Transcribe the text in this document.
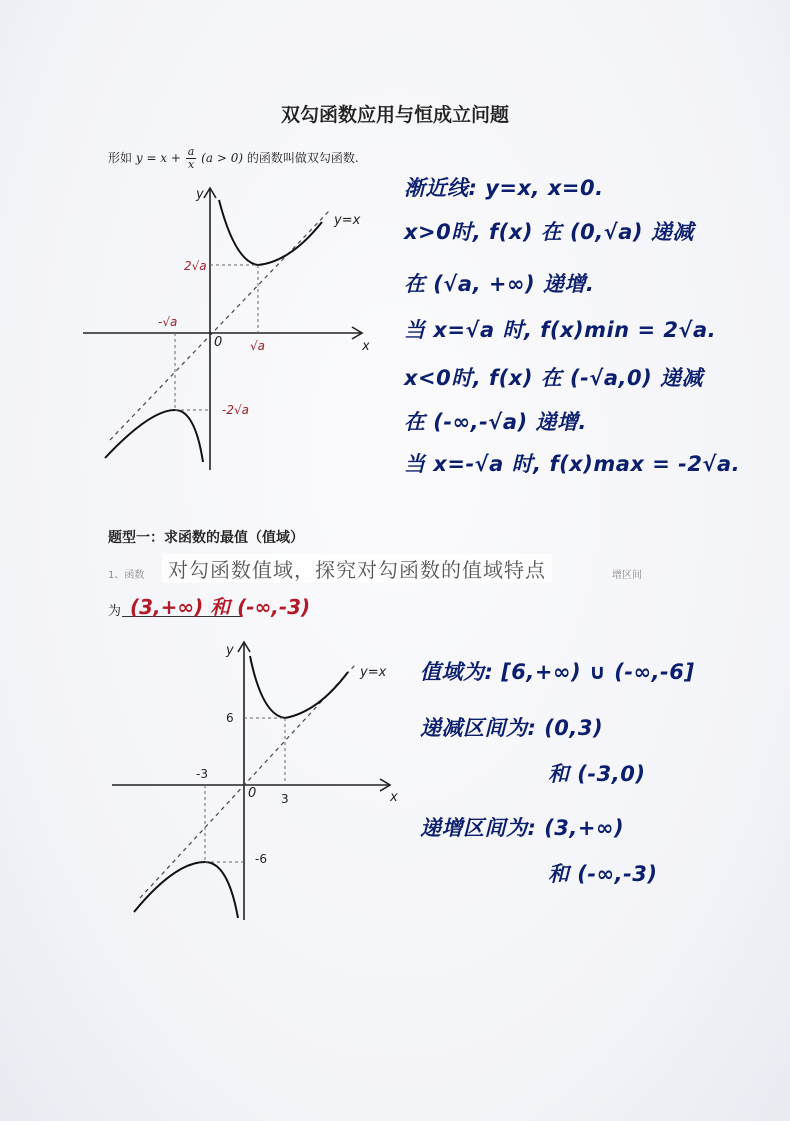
双勾函数应用与恒成立问题
形如 $y = x + \frac{a}{x} (a > 0)$ 的函数叫做双勾函数.
y
x
0
y=x
2√a
√a
-√a
-2√a
渐近线: y=x, x=0.
x>0时, f(x) 在 (0,√a) 递减
在 (√a, +∞) 递增.
当 x=√a 时, f(x)min = 2√a.
x<0时, f(x) 在 (-√a,0) 递减
在 (-∞,-√a) 递增.
当 x=-√a 时, f(x)max = -2√a.
题型一：求函数的最值（值域）
1、函数	增区间
对勾函数值域，探究对勾函数的值域特点
为 (3,+∞) 和 (-∞,-3)
y
x
0
y=x
6
3
-3
-6
值域为: [6,+∞) ∪ (-∞,-6]
递减区间为: (0,3)
和 (-3,0)
递增区间为: (3,+∞)
和 (-∞,-3)
